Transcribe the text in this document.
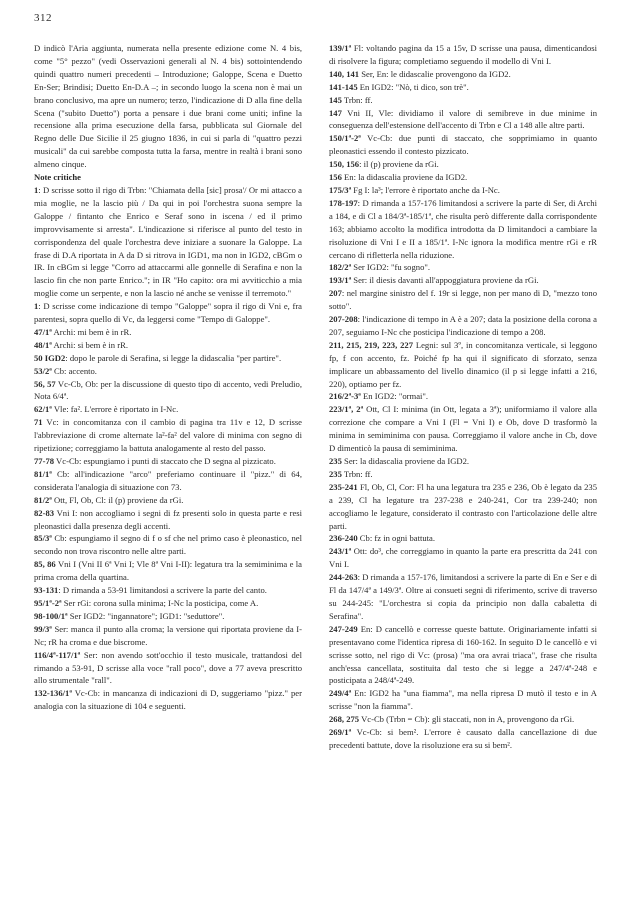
312

D indicò l'Aria aggiunta, numerata nella presente edizione come N. 4 bis, come "5° pezzo" (vedi Osservazioni generali al N. 4 bis) sottointendendo quindi quattro numeri precedenti – Introduzione; Galoppe, Scena e Duetto En-Ser; Brindisi; Duetto En-D.A –; in secondo luogo la scena non è mai un brano conclusivo, ma apre un numero; terzo, l'indicazione di D alla fine della Scena ("subito Duetto") porta a pensare i due brani come uniti; infine la recensione alla prima esecuzione della farsa, pubblicata sul Giornale del Regno delle Due Sicilie il 25 giugno 1836, in cui si parla di "quattro pezzi musicali" da cui sarebbe composta tutta la farsa, mentre in realtà i brani sono almeno cinque.

Note critiche

1: D scrisse sotto il rigo di Trbn: "Chiamata della [sic] prosa'/ Or mi attacco a mia moglie, ne la lascio più / Da qui in poi l'orchestra suona sempre la Galoppe / fintanto che Enrico e Seraf sono in iscena / ed il primo improvvisamente si arresta". L'indicazione si riferisce al punto del testo in corrispondenza del quale l'orchestra deve iniziare a suonare la Galoppe. La frase di D.A riportata in A da D si ritrova in IGD1, ma non in IGD2, cBGm o IR. In cBGm si legge "Corro ad attaccarmi alle gonnelle di Serafina e non la lascio fin che non parte Enrico."; in IR "Ho capito: ora mi avviticchio a mia moglie come un serpente, e non la lascio né anche se venisse il terremoto."

1: D scrisse come indicazione di tempo "Galoppe" sopra il rigo di Vni e, fra parentesi, sopra quello di Vc, da leggersi come "Tempo di Galoppe".

47/1ª Archi: mi bem è in rR.

48/1ª Archi: si bem è in rR.

50 IGD2: dopo le parole di Serafina, si legge la didascalia "per partire".

53/2ª Cb: accento.

56, 57 Vc-Cb, Ob: per la discussione di questo tipo di accento, vedi Preludio, Nota 6/4ª.

62/1ª Vle: fa². L'errore è riportato in I-Nc.

71 Vc: in concomitanza con il cambio di pagina tra 11v e 12, D scrisse l'abbreviazione di crome alternate la²-fa² del valore di minima con segno di ripetizione; correggiamo la battuta analogamente al resto del passo.

77-78 Vc-Cb: espungiamo i punti di staccato che D segna al pizzicato.

81/1ª Cb: all'indicazione "arco" preferiamo continuare il "pizz." di 64, considerata l'analogia di situazione con 73.

81/2ª Ott, Fl, Ob, Cl: il (p) proviene da rGi.

82-83 Vni I: non accogliamo i segni di fz presenti solo in questa parte e resi pleonastici dalla presenza degli accenti.

85/3ª Cb: espungiamo il segno di f o sf che nel primo caso è pleonastico, nel secondo non trova riscontro nelle altre parti.

85, 86 Vni I (Vni II 6ª Vni I; Vle 8ª Vni I-II): legatura tra la semiminima e la prima croma della quartina.

93-131: D rimanda a 53-91 limitandosi a scrivere la parte del canto.

95/1ª-2ª Ser rGi: corona sulla minima; I-Nc la posticipa, come A.

98-100/1ª Ser IGD2: "ingannatore"; IGD1: "seduttore".

99/3ª Ser: manca il punto alla croma; la versione qui riportata proviene da I-Nc; rR ha croma e due biscrome.

116/4ª-117/1ª Ser: non avendo sott'occhio il testo musicale, trattandosi del rimando a 53-91, D scrisse alla voce "rall poco", dove a 77 aveva prescritto allo strumentale "rall".

132-136/1ª Vc-Cb: in mancanza di indicazioni di D, suggeriamo "pizz." per analogia con la situazione di 104 e seguenti.

139/1ª Fl: voltando pagina da 15 a 15v, D scrisse una pausa, dimenticandosi di risolvere la figura; completiamo seguendo il modello di Vni I.

140, 141 Ser, En: le didascalie provengono da IGD2.

141-145 En IGD2: "Nò, ti dico, son trè".

145 Trbn: ff.

147 Vni II, Vle: dividiamo il valore di semibreve in due minime in conseguenza dell'estensione dell'accento di Trbn e Cl a 148 alle altre parti.

150/1ª-2ª Vc-Cb: due punti di staccato, che sopprimiamo in quanto pleonastici essendo il contesto pizzicato.

150, 156: il (p) proviene da rGi.

156 En: la didascalia proviene da IGD2.

175/3ª Fg I: la³; l'errore è riportato anche da I-Nc.

178-197: D rimanda a 157-176 limitandosi a scrivere la parte di Ser, di Archi a 184, e di Cl a 184/3ª-185/1ª, che risulta però differente dalla corrispondente 163; abbiamo accolto la modifica introdotta da D limitandoci a cambiare la risoluzione di Vni I e II a 185/1ª. I-Nc ignora la modifica mentre rGi e rR cercano di rifletterla nella riduzione.

182/2ª Ser IGD2: "fu sogno".

193/1ª Ser: il diesis davanti all'appoggiatura proviene da rGi.

207: nel margine sinistro del f. 19r si legge, non per mano di D, "mezzo tono sotto".

207-208: l'indicazione di tempo in A è a 207; data la posizione della corona a 207, seguiamo I-Nc che posticipa l'indicazione di tempo a 208.

211, 215, 219, 223, 227 Legni: sul 3º, in concomitanza verticale, si leggono fp, f con accento, fz. Poiché fp ha qui il significato di sforzato, senza implicare un abbassamento del livello dinamico (il p si legge infatti a 216, 220), optiamo per fz.

216/2ª-3ª En IGD2: "ormai".

223/1ª, 2ª Ott, Cl I: minima (in Ott, legata a 3ª); uniformiamo il valore alla correzione che compare a Vni I (Fl = Vni I) e Ob, dove D trasformò la minima in semiminima con pausa. Correggiamo il valore anche in Cb, dove D dimenticò la pausa di semiminima.

235 Ser: la didascalia proviene da IGD2.

235 Trbn: ff.

235-241 Fl, Ob, Cl, Cor: Fl ha una legatura tra 235 e 236, Ob è legato da 235 a 239, Cl ha legature tra 237-238 e 240-241, Cor tra 239-240; non accogliamo le legature, considerato il contrasto con l'articolazione delle altre parti.

236-240 Cb: fz in ogni battuta.

243/1ª Ott: do³, che correggiamo in quanto la parte era prescritta da 241 con Vni I.

244-263: D rimanda a 157-176, limitandosi a scrivere la parte di En e Ser e di Fl da 147/4ª a 149/3ª. Oltre ai consueti segni di riferimento, scrive di traverso su 244-245: "L'orchestra si copia da principio non dalla cabaletta di Serafina".

247-249 En: D cancellò e corresse queste battute. Originariamente infatti si presentavano come l'identica ripresa di 160-162. In seguito D le cancellò e vi scrisse sotto, nel rigo di Vc: (prosa) "ma ora avrai triaca", frase che risulta anch'essa cancellata, sostituita dal testo che si legge a 247/4ª-248 e posticipata a 248/4ª-249.

249/4ª En: IGD2 ha "una fiamma", ma nella ripresa D mutò il testo e in A scrisse "non la fiamma".

268, 275 Vc-Cb (Trbn = Cb): gli staccati, non in A, provengono da rGi.

269/1ª Vc-Cb: si bem². L'errore è causato dalla cancellazione di due precedenti battute, dove la risoluzione era su si bem².
